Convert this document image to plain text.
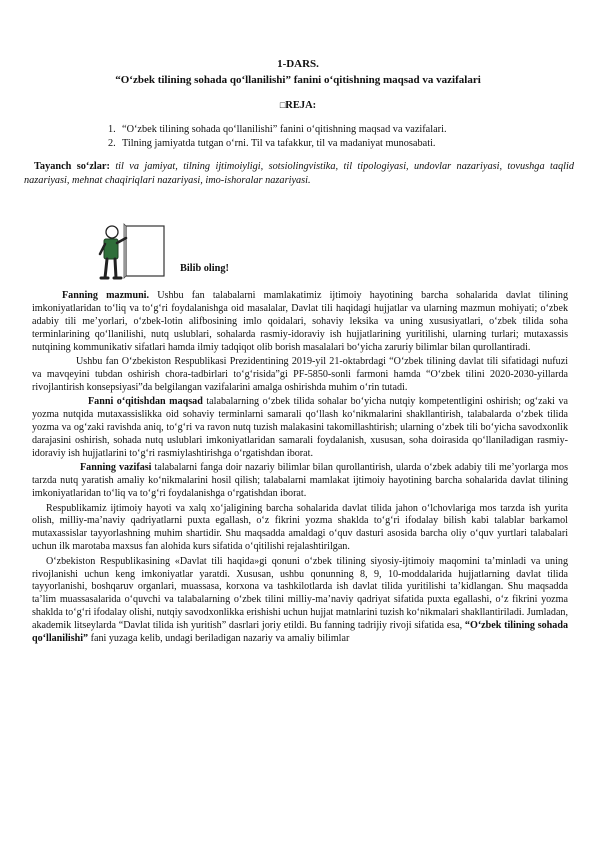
1-DARS.
“O‘zbek tilining sohada qo‘llanilishi” fanini o‘qitishning maqsad va vazifalari
□REJA:
1. “O‘zbek tilining sohada qo‘llanilishi” fanini o‘qitishning maqsad va vazifalari.
2. Tilning jamiyatda tutgan o‘rni. Til va tafakkur, til va madaniyat munosabati.
Tayanch so‘zlar: til va jamiyat, tilning ijtimoiyligi, sotsiolingvistika, til tipologiyasi, undovlar nazariyasi, tovushga taqlid nazariyasi, mehnat chaqiriqlari nazariyasi, imo-ishoralar nazariyasi.
Bilib oling!

Fanning mazmuni. Ushbu fan talabalarni mamlakatimiz ijtimoiy hayotining barcha sohalarida davlat tilining imkoniyatlaridan to‘liq va to‘g‘ri foydalanishga oid masalalar, Davlat tili haqidagi hujjatlar va ularning mazmun mohiyati; o‘zbek adabiy tili me’yorlari, o‘zbek-lotin alifbosining imlo qoidalari, sohaviy leksika va uning xususiyatlari, o‘zbek tilida soha terminlarining qo‘llanilishi, nutq uslublari, sohalarda rasmiy-idoraviy ish hujjatlarining yuritilishi, ularning turlari; mutaxassis nutqining kommunikativ sifatlari hamda ilmiy tadqiqot olib borish masalalari bo‘yicha zaruriy bilimlar bilan qurollantiradi.

Ushbu fan O‘zbekiston Respublikasi Prezidentining 2019-yil 21-oktabrdagi “O‘zbek tilining davlat tili sifatidagi nufuzi va mavqeyini tubdan oshirish chora-tadbirlari to‘g‘risida”gi PF-5850-sonli farmoni hamda “O‘zbek tilini 2020-2030-yillarda rivojlantirish konsepsiyasi”da belgilangan vazifalarini amalga oshirishda muhim o‘rin tutadi.

Fanni o‘qitishdan maqsad talabalarning o‘zbek tilida sohalar bo‘yicha nutqiy kompetentligini oshirish; og‘zaki va yozma nutqida mutaxassislikka oid sohaviy terminlarni samarali qo‘llash ko‘nikmalarini shakllantirish, talabalarda o‘zbek tilida yozma va og‘zaki ravishda aniq, to‘g‘ri va ravon nutq tuzish malakasini takomillashtirish; ularning o‘zbek tili bo‘yicha savodxonlik darajasini oshirish, sohada nutq uslublari imkoniyatlaridan samarali foydalanish, xususan, soha doirasida qo‘llaniladigan rasmiy-idoraviy ish hujjatlarini to‘g‘ri rasmiylashtirishga o‘rgatishdan iborat.

Fanning vazifasi talabalarni fanga doir nazariy bilimlar bilan qurollantirish, ularda o‘zbek adabiy tili me’yorlarga mos tarzda nutq yaratish amaliy ko‘nikmalarini hosil qilish; talabalarni mamlakat ijtimoiy hayotining barcha sohalarida davlat tilining imkoniyatlaridan to‘liq va to‘g‘ri foydalanishga o‘rgatishdan iborat.

Respublikamiz ijtimoiy hayoti va xalq xo‘jaligining barcha sohalarida davlat tilida jahon o‘lchovlariga mos tarzda ish yurita olish, milliy-ma’naviy qadriyatlarni puxta egallash, o‘z fikrini yozma shaklda to‘g‘ri ifodalay bilish kabi talablar barkamol mutaxassislar tayyorlashning muhim shartidir. Shu maqsadda amaldagi o‘quv dasturi asosida barcha oliy o‘quv yurtlari talabalari uchun ilk marotaba maxsus fan alohida kurs sifatida o‘qitilishi rejalashtirilgan.

O‘zbekiston Respublikasining «Davlat tili haqida»gi qonuni o‘zbek tilining siyosiy-ijtimoiy maqomini ta’minladi va uning rivojlanishi uchun keng imkoniyatlar yaratdi. Xususan, ushbu qonunning 8, 9, 10-moddalarida hujjatlarning davlat tilida tayyorlanishi, boshqaruv organlari, muassasa, korxona va tashkilotlarda ish davlat tilida yuritilishi ta’kidlangan. Shu maqsadda ta’lim muassasalarida o‘quvchi va talabalarning o‘zbek tilini milliy-ma’naviy qadriyat sifatida puxta egallashi, o‘z fikrini yozma shaklda to‘g‘ri ifodalay olishi, nutqiy savodxonlikka erishishi uchun hujjat matnlarini tuzish ko‘nikmalari shakllantiriladi. Jumladan, akademik litseylarda “Davlat tilida ish yuritish” dasrlari joriy etildi. Bu fanning tadrijiy rivoji sifatida esa, “O‘zbek tilining sohada qo‘llanilishi” fani yuzaga kelib, undagi beriladigan nazariy va amaliy bilimlar
